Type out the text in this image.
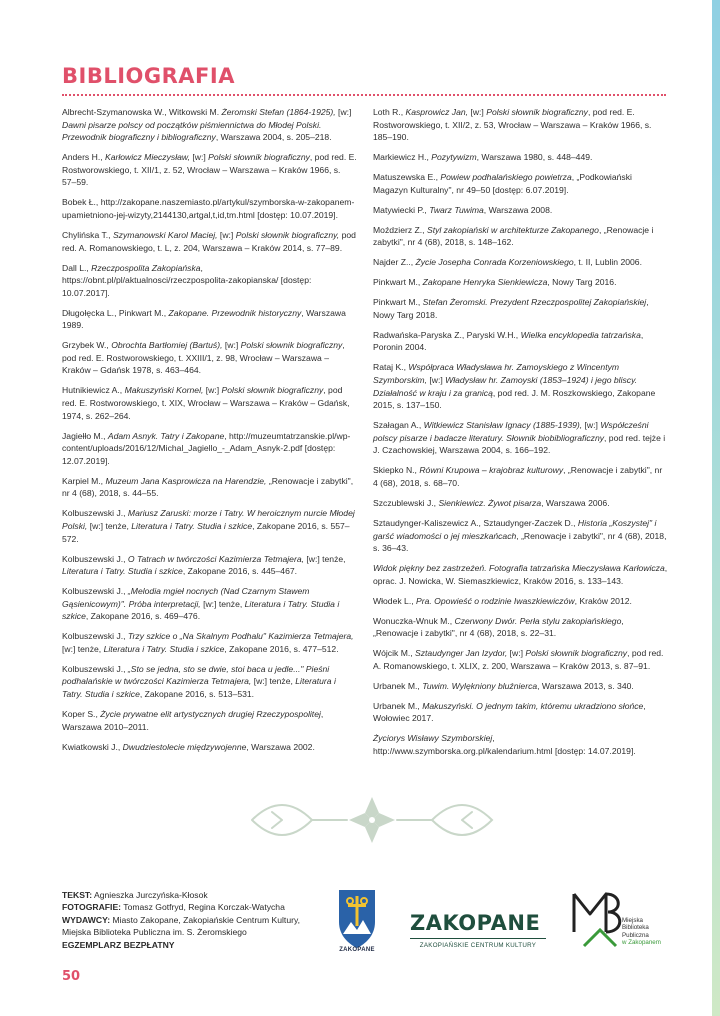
BIBLIOGRAFIA

Albrecht-Szymanowska W., Witkowski M. Żeromski Stefan (1864-1925), [w:] Dawni pisarze polscy od początków piśmiennictwa do Młodej Polski. Przewodnik biograficzny i bibliograficzny, Warszawa 2004, s. 205–218.

Anders H., Karłowicz Mieczysław, [w:] Polski słownik biograficzny, pod red. E. Rostworowskiego, t. XII/1, z. 52, Wrocław – Warszawa – Kraków 1966, s. 57–59.

Bobek Ł., http://zakopane.naszemiasto.pl/artykul/szymborska-w-zakopanem-upamietniono-jej-wizyty,2144130,artgal,t,id,tm.html [dostęp: 10.07.2019].

Chylińska T., Szymanowski Karol Maciej, [w:] Polski słownik biograficzny, pod red. A. Romanowskiego, t. L, z. 204, Warszawa – Kraków 2014, s. 77–89.

Dall L., Rzeczpospolita Zakopiańska, https://obnt.pl/pl/aktualnosci/rzeczpospolita-zakopianska/ [dostęp: 10.07.2017].

Długołęcka L., Pinkwart M., Zakopane. Przewodnik historyczny, Warszawa 1989.

Grzybek W., Obrochta Bartłomiej (Bartuś), [w:] Polski słownik biograficzny, pod red. E. Rostworowskiego, t. XXIII/1, z. 98, Wrocław – Warszawa – Kraków – Gdańsk 1978, s. 463–464.

Hutnikiewicz A., Makuszyński Kornel, [w:] Polski słownik biograficzny, pod red. E. Rostworowskiego, t. XIX, Wrocław – Warszawa – Kraków – Gdańsk, 1974, s. 262–264.

Jagiełło M., Adam Asnyk. Tatry i Zakopane, http://muzeumtatrzanskie.pl/wp-content/uploads/2016/12/Michal_Jagiello_-_Adam_Asnyk-2.pdf [dostęp: 12.07.2019].

Karpiel M., Muzeum Jana Kasprowicza na Harendzie, „Renowacje i zabytki", nr 4 (68), 2018, s. 44–55.

Kolbuszewski J., Mariusz Zaruski: morze i Tatry. W heroicznym nurcie Młodej Polski, [w:] tenże, Literatura i Tatry. Studia i szkice, Zakopane 2016, s. 557–572.

Kolbuszewski J., O Tatrach w twórczości Kazimierza Tetmajera, [w:] tenże, Literatura i Tatry. Studia i szkice, Zakopane 2016, s. 445–467.

Kolbuszewski J., „Melodia mgieł nocnych (Nad Czarnym Stawem Gąsienicowym)". Próba interpretacji, [w:] tenże, Literatura i Tatry. Studia i szkice, Zakopane 2016, s. 469–476.

Kolbuszewski J., Trzy szkice o „Na Skalnym Podhalu" Kazimierza Tetmajera, [w:] tenże, Literatura i Tatry. Studia i szkice, Zakopane 2016, s. 477–512.

Kolbuszewski J., „Sto se jedna, sto se dwie, stoi baca u jedle..." Pieśni podhalańskie w twórczości Kazimierza Tetmajera, [w:] tenże, Literatura i Tatry. Studia i szkice, Zakopane 2016, s. 513–531.

Koper S., Życie prywatne elit artystycznych drugiej Rzeczypospolitej, Warszawa 2010–2011.

Kwiatkowski J., Dwudziestolecie międzywojenne, Warszawa 2002.

Loth R., Kasprowicz Jan, [w:] Polski słownik biograficzny, pod red. E. Rostworowskiego, t. XII/2, z. 53, Wrocław – Warszawa – Kraków 1966, s. 185–190.

Markiewicz H., Pozytywizm, Warszawa 1980, s. 448–449.

Matuszewska E., Powiew podhalańskiego powietrza, „Podkowiański Magazyn Kulturalny", nr 49–50 [dostęp: 6.07.2019].

Matywiecki P., Twarz Tuwima, Warszawa 2008.

Moździerz Z., Styl zakopiański w architekturze Zakopanego, „Renowacje i zabytki", nr 4 (68), 2018, s. 148–162.

Najder Z.., Życie Josepha Conrada Korzeniowskiego, t. II, Lublin 2006.

Pinkwart M., Zakopane Henryka Sienkiewicza, Nowy Targ 2016.

Pinkwart M., Stefan Żeromski. Prezydent Rzeczpospolitej Zakopiańskiej, Nowy Targ 2018.

Radwańska-Paryska Z., Paryski W.H., Wielka encyklopedia tatrzańska, Poronin 2004.

Rataj K., Współpraca Władysława hr. Zamoyskiego z Wincentym Szymborskim, [w:] Władysław hr. Zamoyski (1853–1924) i jego bliscy. Działalność w kraju i za granicą, pod red. J. M. Roszkowskiego, Zakopane 2015, s. 137–150.

Szałagan A., Witkiewicz Stanisław Ignacy (1885-1939), [w:] Współcześni polscy pisarze i badacze literatury. Słownik biobibliograficzny, pod red. tejże i J. Czachowskiej, Warszawa 2004, s. 166–192.

Skiepko N., Równi Krupowa – krajobraz kulturowy, „Renowacje i zabytki", nr 4 (68), 2018, s. 68–70.

Szczublewski J., Sienkiewicz. Żywot pisarza, Warszawa 2006.

Sztaudynger-Kaliszewicz A., Sztaudynger-Zaczek D., Historia „Koszystej" i garść wiadomości o jej mieszkańcach, „Renowacje i zabytki", nr 4 (68), 2018, s. 36–43.

Widok piękny bez zastrzeżeń. Fotografia tatrzańska Mieczysława Karłowicza, oprac. J. Nowicka, W. Siemaszkiewicz, Kraków 2016, s. 133–143.

Włodek L., Pra. Opowieść o rodzinie Iwaszkiewiczów, Kraków 2012.

Wonuczka-Wnuk M., Czerwony Dwór. Perła stylu zakopiańskiego, „Renowacje i zabytki", nr 4 (68), 2018, s. 22–31.

Wójcik M., Sztaudynger Jan Izydor, [w:] Polski słownik biograficzny, pod red. A. Romanowskiego, t. XLIX, z. 200, Warszawa – Kraków 2013, s. 87–91.

Urbanek M., Tuwim. Wylękniony bluźnierca, Warszawa 2013, s. 340.

Urbanek M., Makuszyński. O jednym takim, któremu ukradziono słońce, Wołowiec 2017.

Życiorys Wisławy Szymborskiej, http://www.szymborska.org.pl/kalendarium.html [dostęp: 14.07.2019].

TEKST: Agnieszka Jurczyńska-Kłosok
FOTOGRAFIE: Tomasz Gotfryd, Regina Korczak-Watycha
WYDAWCY: Miasto Zakopane, Zakopiańskie Centrum Kultury,
Miejska Biblioteka Publiczna im. S. Żeromskiego
EGZEMPLARZ BEZPŁATNY
50
ZAKOPANE
ZAKOPANE
ZAKOPIAŃSKIE CENTRUM KULTURY
Miejska
Biblioteka
Publiczna
w Zakopanem
